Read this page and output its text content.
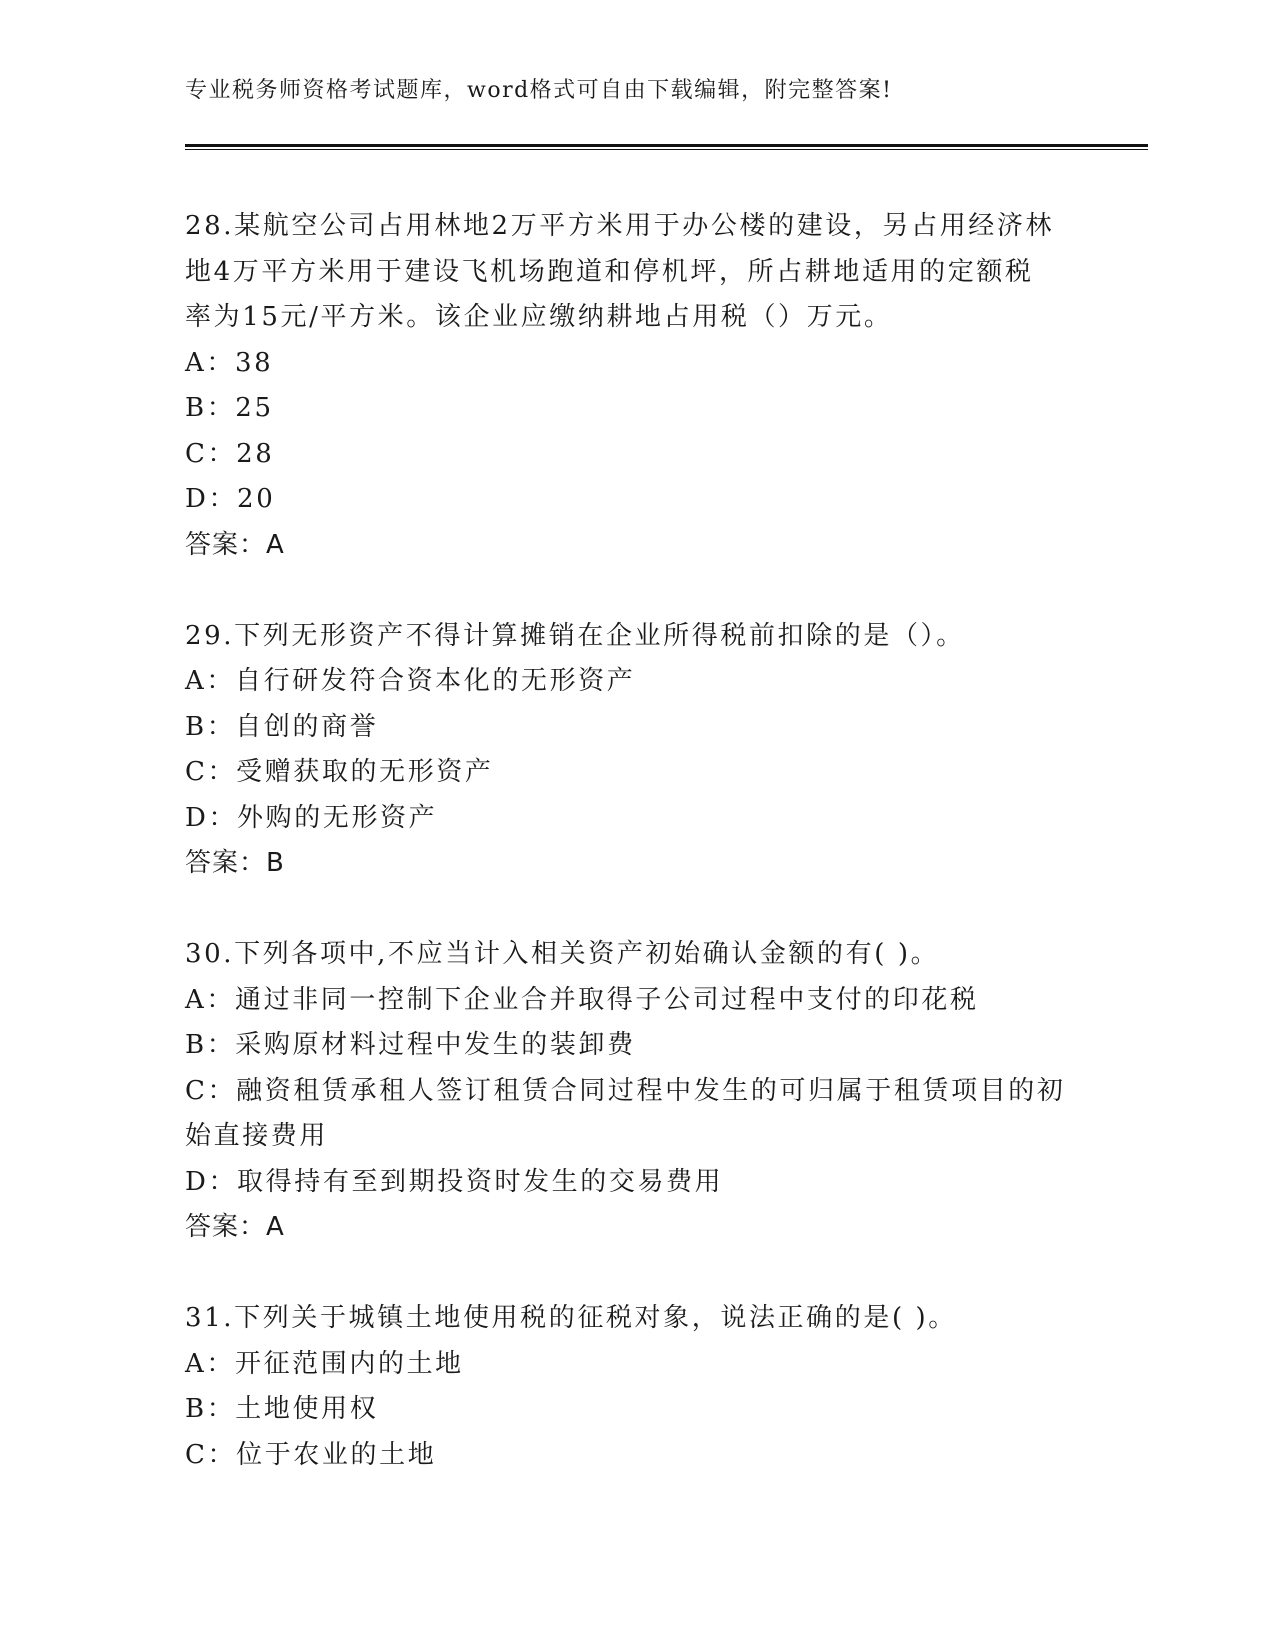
专业税务师资格考试题库，word格式可自由下载编辑，附完整答案!
28.某航空公司占用林地2万平方米用于办公楼的建设，另占用经济林
地4万平方米用于建设飞机场跑道和停机坪，所占耕地适用的定额税
率为15元/平方米。该企业应缴纳耕地占用税（）万元。
A：38
B：25
C：28
D：20
答案：A
29.下列无形资产不得计算摊销在企业所得税前扣除的是（）。
A：自行研发符合资本化的无形资产
B：自创的商誉
C：受赠获取的无形资产
D：外购的无形资产
答案：B
30.下列各项中,不应当计入相关资产初始确认金额的有( )。
A：通过非同一控制下企业合并取得子公司过程中支付的印花税
B：采购原材料过程中发生的装卸费
C：融资租赁承租人签订租赁合同过程中发生的可归属于租赁项目的初
始直接费用
D：取得持有至到期投资时发生的交易费用
答案：A
31.下列关于城镇土地使用税的征税对象，说法正确的是( )。
A：开征范围内的土地
B：土地使用权
C：位于农业的土地
